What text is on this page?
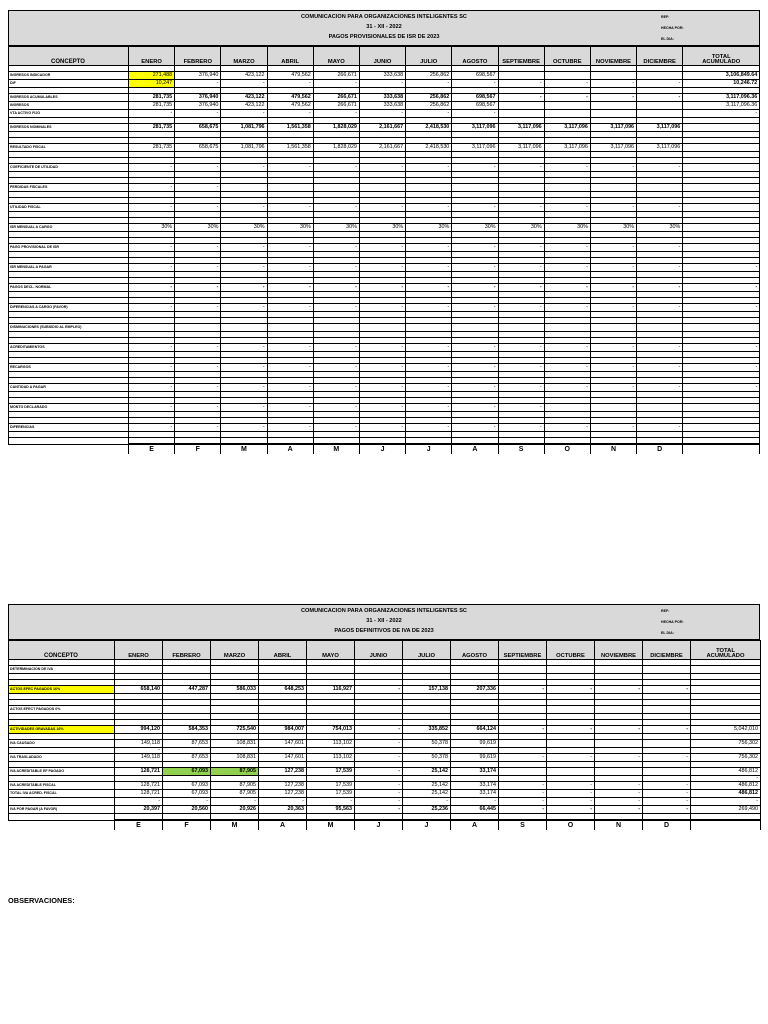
COMUNICACION PARA ORGANIZACIONES INTELIGENTES SC
31 - XII - 2022
PAGOS PROVISIONALES DE ISR DE 2023
REF:
HECHA POR:
EL DIA:
CONCEPTO	ENERO	FEBRERO	MARZO	ABRIL	MAYO	JUNIO	JULIO	AGOSTO	SEPTIEMBRE	OCTUBRE	NOVIEMBRE	DICIEMBRE	TOTAL
ACUMULADO

INGRESOS INDICADOR	271,488	376,940	423,122	479,562	266,671	333,638	256,862	698,567					3,106,849.64
DIF	10,247	-	-	-	-	-	-	-	-	-	-	-	10,246.72

INGRESOS ACUMULABLES	281,735	376,940	423,122	479,562	266,671	333,638	256,862	698,567	-	-	-	-	3,117,096.36
INGRESOS	281,735	376,940	423,122	479,562	266,671	333,638	256,862	698,567					3,117,096.36
VTA ACTIVO FIJO	-	-	-	-	-	-	-	-					-

INGRESOS NOMINALES	281,735	658,675	1,081,796	1,561,358	1,828,029	2,161,667	2,418,530	3,117,096	3,117,096	3,117,096	3,117,096	3,117,096	

RESULTADO FISCAL	281,735	658,675	1,081,796	1,561,358	1,828,029	2,161,667	2,418,530	3,117,096	3,117,096	3,117,096	3,117,096	3,117,096	

COEFICIENTE DE UTILIDAD	-	-	-	-	-	-	-	-	-	-	-	-	

PERDIDAS FISCALES	-	-											

UTILIDAD FISCAL	-	-	-	-	-	-	-	-	-	-	-	-	

ISR MENSUAL A CARGO	30%	30%	30%	30%	30%	30%	30%	30%	30%	30%	30%	30%	

PAGO PROVISIONAL DE ISR	-	-	-	-	-	-	-	-	-	-	-	-	

ISR MENSUAL A PAGAR	-	-	-	-	-	-	-	-	-	-	-	-	-

PAGOS DECL. NORMAL	-	-	-	-	-	-	-	-	-	-	-	-	-

DIFERENCIAS A CARGO (FAVOR)	-	-	-	-	-	-	-	-	-	-	-	-	-

DISMINUCIONES (SUBSIDIO AL EMPLEO)													

ACREDITAMIENTOS	-	-	-	-	-	-	-	-	-	-	-	-	-

RECARGOS	-	-	-	-	-	-	-	-	-	-	-	-	-

CANTIDAD A PAGAR	-	-	-	-	-	-	-	-	-	-	-	-	-

MONTO DECLARADO	-	-	-	-	-	-	-	-	-				

DIFERENCIAS	-	-	-	-	-	-	-	-	-	-	-	-	

	E	F	M	A	M	J	J	A	S	O	N	D	
COMUNICACION PARA ORGANIZACIONES INTELIGENTES SC
31 - XII - 2022
PAGOS DEFINITIVOS DE IVA DE 2023
REF:
HECHA POR:
EL DIA:
CONCEPTO	ENERO	FEBRERO	MARZO	ABRIL	MAYO	JUNIO	JULIO	AGOSTO	SEPTIEMBRE	OCTUBRE	NOVIEMBRE	DICIEMBRE	TOTAL
ACUMULADO

DETERMINACION DE IVA													

ACTOS EFEC PAGADOS 16%	658,140	447,287	586,033	648,253	116,927	-	157,138	207,336	-	-	-	-	

ACTOS EFECT PAGADOS 0%													

ACTIVIDADES GRAVADAS 16%	994,120	584,353	725,540	984,007	754,013	-	335,852	664,124	-	-	-	-	5,042,010

IVA CAUSADO	149,118	87,653	108,831	147,601	113,102	-	50,378	99,619					756,302
	-												
IVA TRASLADADO	149,118	87,653	108,831	147,601	113,102	-	50,378	99,619	-	-	-	-	756,302

IVA ACREDITABLE EF PAGADO	128,721	67,093	87,905	127,238	17,539	-	25,142	33,174					486,812
													-
IVA ACREDITABLE FISCAL	128,721	67,093	87,905	127,238	17,539	-	25,142	33,174	-	-	-	-	486,812
TOTAL IVA ACRED. FISCAL	128,721	67,093	87,905	127,238	17,539	-	25,142	33,174	-	-	-	-	486,812
	-	-	-	-	-	-	-	-	-	-	-	-	-
IVA POR PAGAR (A FAVOR)	20,397	20,560	20,926	20,363	95,563	-	25,236	66,445	-	-	-	-	269,490

	E	F	M	A	M	J	J	A	S	O	N	D	
OBSERVACIONES:
